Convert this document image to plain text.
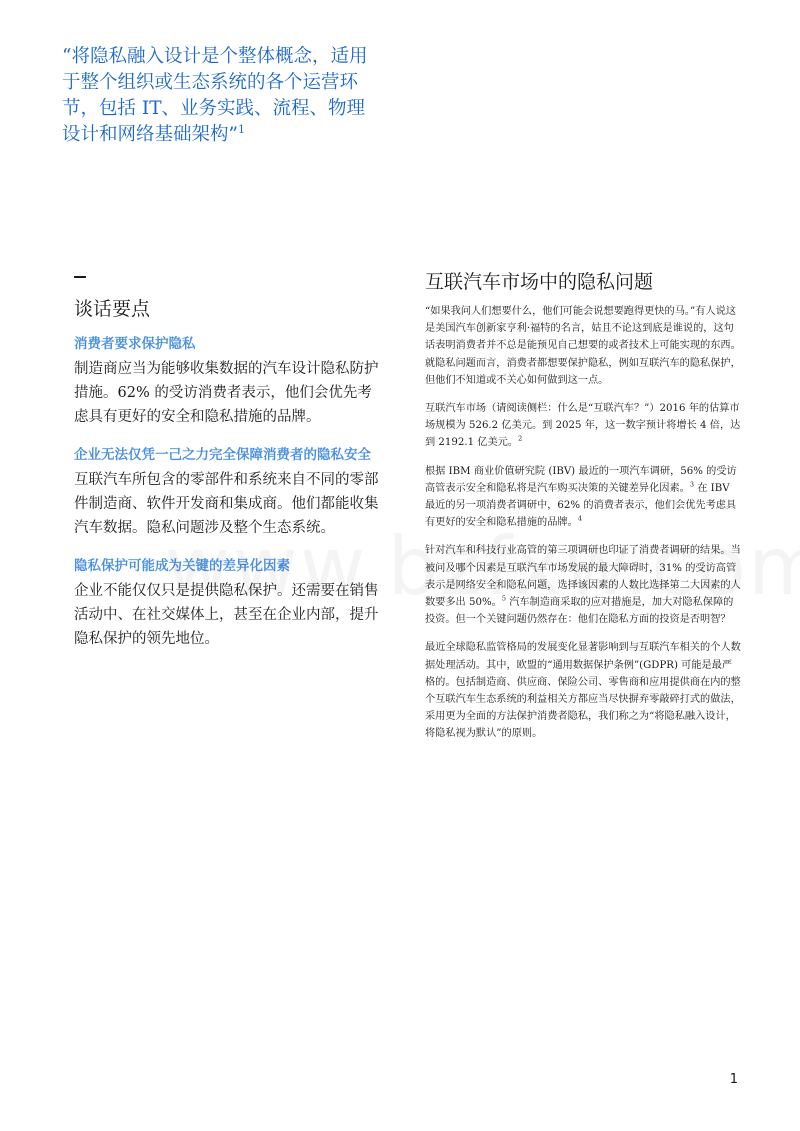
“将隐私融入设计是个整体概念，适用于整个组织或生态系统的各个运营环节，包括 IT、业务实践、流程、物理设计和网络基础架构”$^1$
谈话要点

消费者要求保护隐私

制造商应当为能够收集数据的汽车设计隐私防护措施。62% 的受访消费者表示，他们会优先考虑具有更好的安全和隐私措施的品牌。

企业无法仅凭一己之力完全保障消费者的隐私安全

互联汽车所包含的零部件和系统来自不同的零部件制造商、软件开发商和集成商。他们都能收集汽车数据。隐私问题涉及整个生态系统。

隐私保护可能成为关键的差异化因素

企业不能仅仅只是提供隐私保护。还需要在销售活动中、在社交媒体上，甚至在企业内部，提升隐私保护的领先地位。

互联汽车市场中的隐私问题

“如果我问人们想要什么，他们可能会说想要跑得更快的马。”有人说这是美国汽车创新家亨利·福特的名言，姑且不论这到底是谁说的，这句话表明消费者并不总是能预见自己想要的或者技术上可能实现的东西。就隐私问题而言，消费者都想要保护隐私，例如互联汽车的隐私保护，但他们不知道或不关心如何做到这一点。

互联汽车市场（请阅读侧栏：什么是“互联汽车？”）2016 年的估算市场规模为 526.2 亿美元。到 2025 年，这一数字预计将增长 4 倍，达到 2192.1 亿美元。$^2$

根据 IBM 商业价值研究院 (IBV) 最近的一项汽车调研，56% 的受访高管表示安全和隐私将是汽车购买决策的关键差异化因素。$^3$ 在 IBV 最近的另一项消费者调研中，62% 的消费者表示，他们会优先考虑具有更好的安全和隐私措施的品牌。$^4$

针对汽车和科技行业高管的第三项调研也印证了消费者调研的结果。当被问及哪个因素是互联汽车市场发展的最大障碍时，31% 的受访高管表示是网络安全和隐私问题，选择该因素的人数比选择第二大因素的人数要多出 50%。$^5$ 汽车制造商采取的应对措施是，加大对隐私保障的投资。但一个关键问题仍然存在：他们在隐私方面的投资是否明智？

最近全球隐私监管格局的发展变化显著影响到与互联汽车相关的个人数据处理活动。其中，欧盟的“通用数据保护条例”(GDPR) 可能是最严格的。包括制造商、供应商、保险公司、零售商和应用提供商在内的整个互联汽车生态系统的利益相关方都应当尽快摒弃零敲碎打式的做法，采用更为全面的方法保护消费者隐私，我们称之为“将隐私融入设计，将隐私视为默认”的原则。

1
